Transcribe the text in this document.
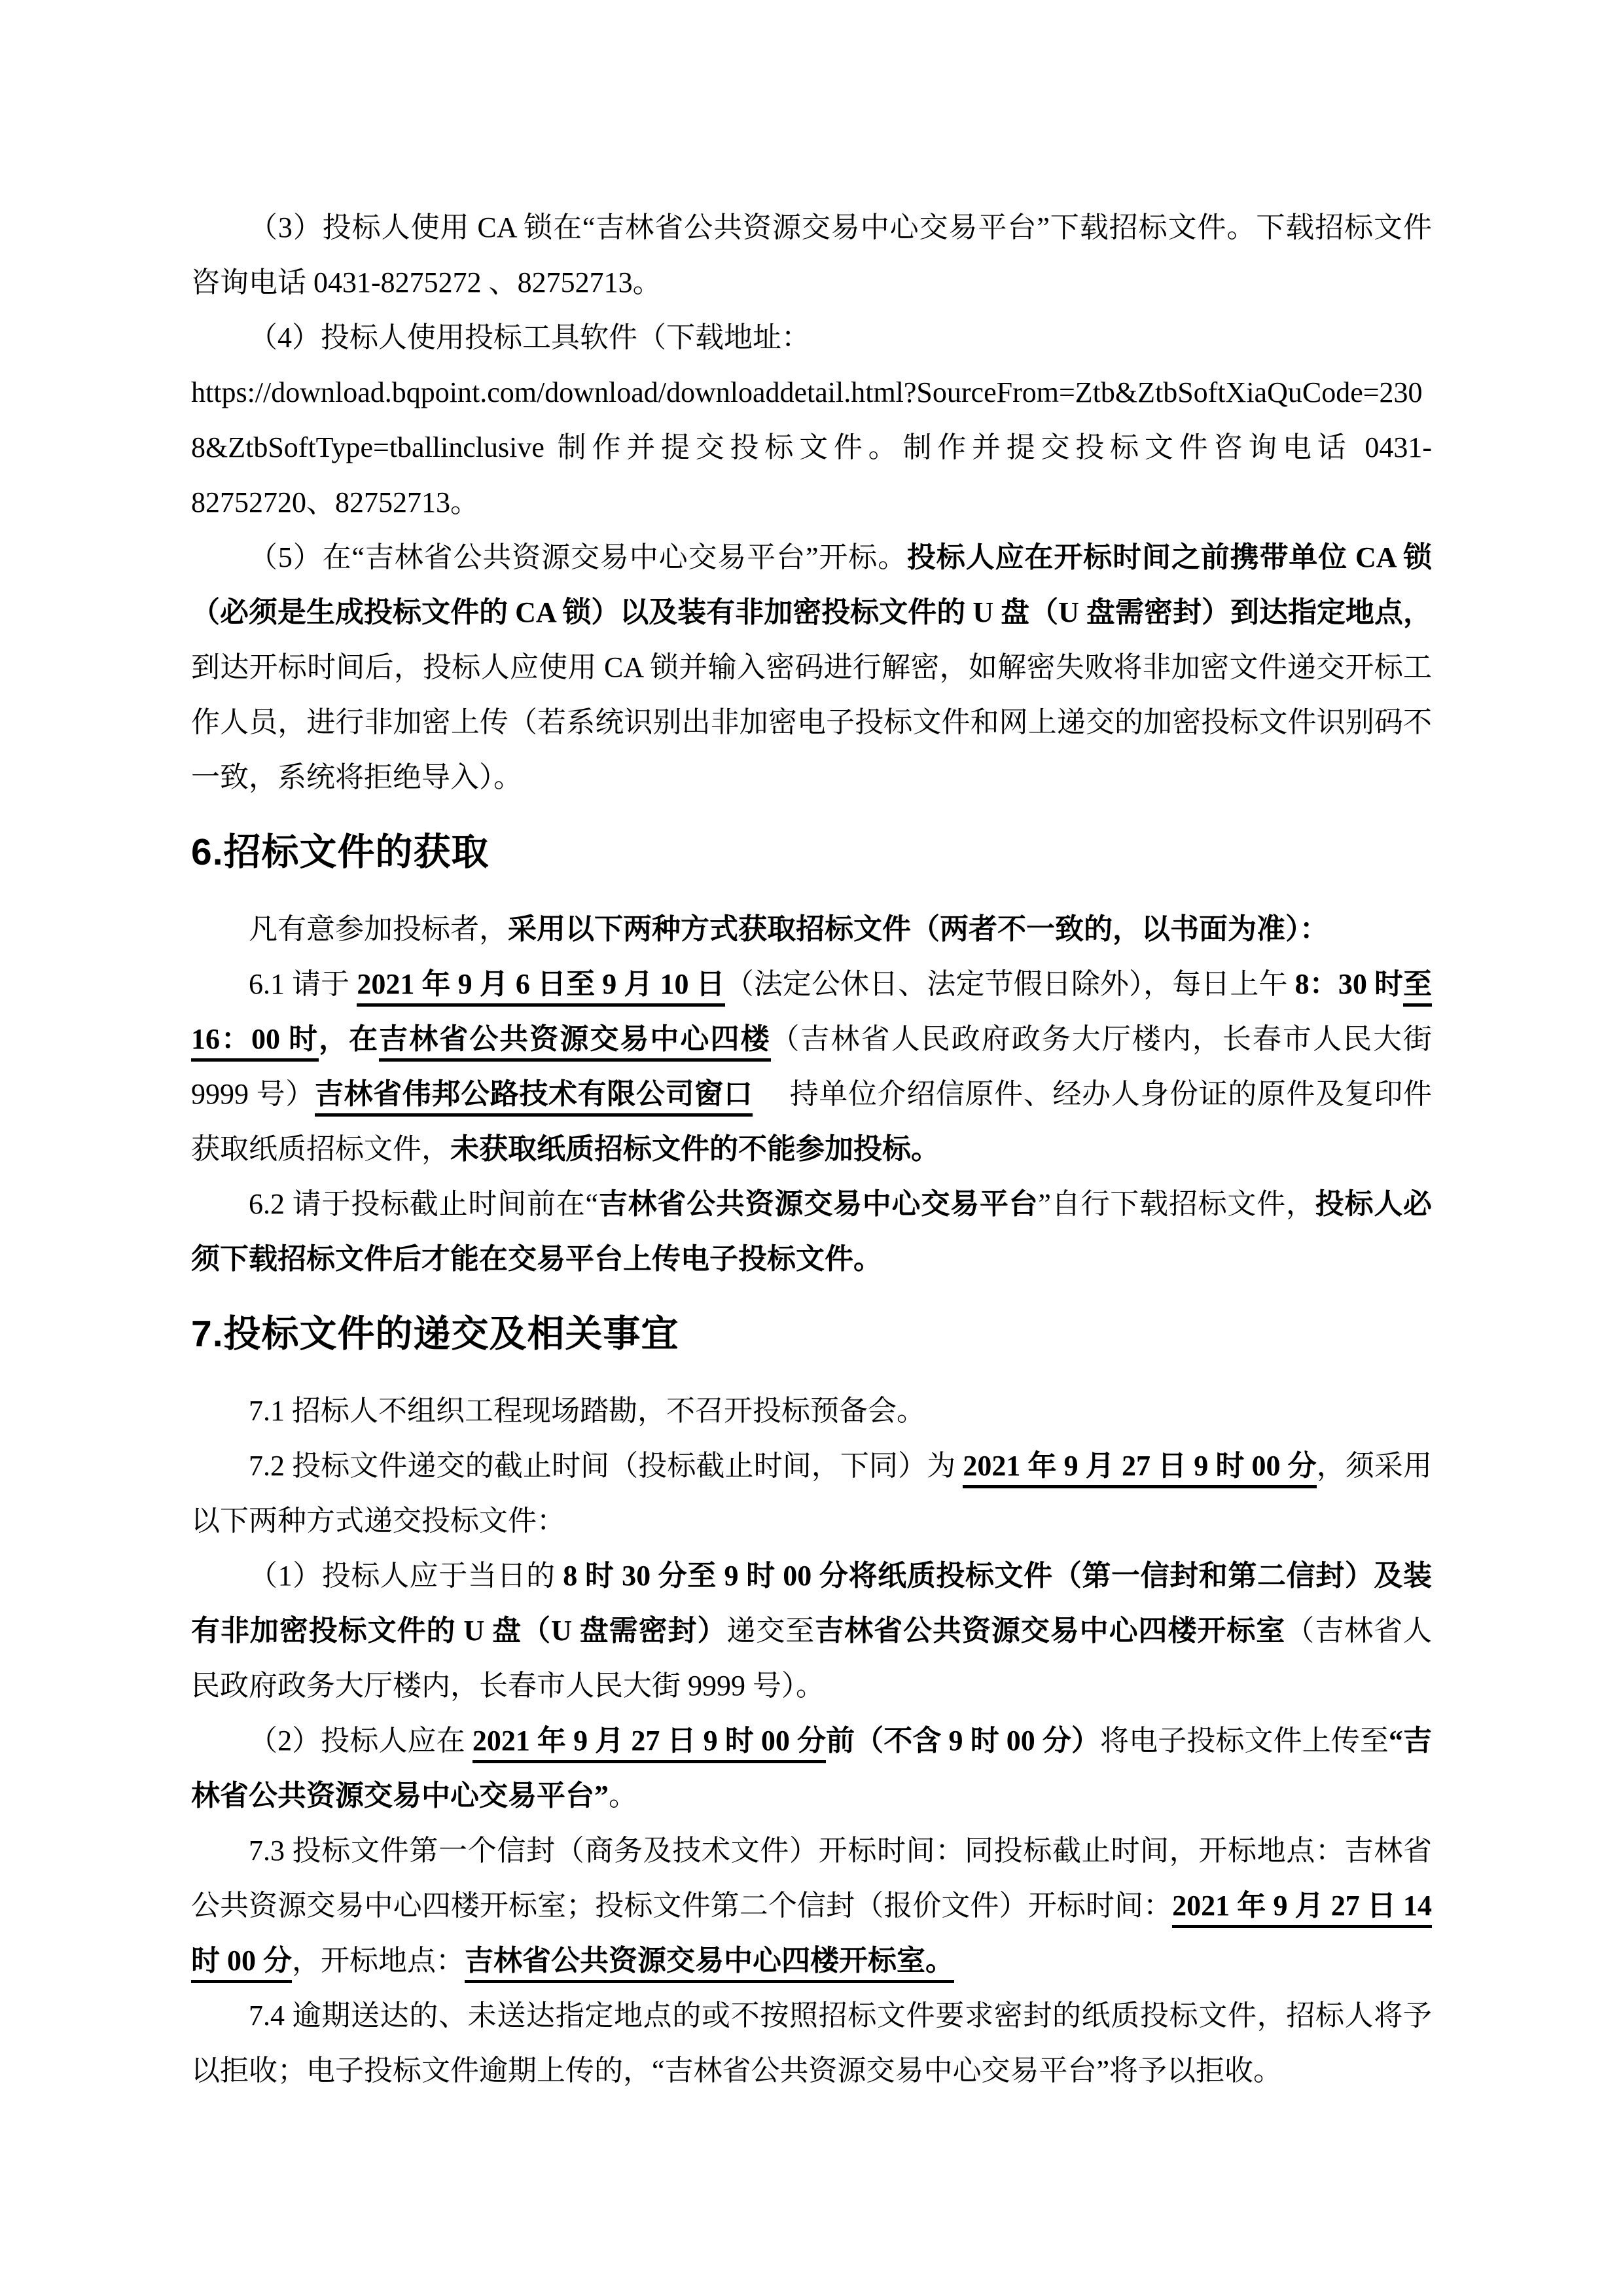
（3）投标人使用 CA 锁在“吉林省公共资源交易中心交易平台”下载招标文件。下载招标文件咨询电话 0431-8275272 、82752713。

（4）投标人使用投标工具软件（下载地址：
https://download.bqpoint.com/download/downloaddetail.html?SourceFrom=Ztb&ZtbSoftXiaQuCode=2308&ZtbSoftType=tballinclusive 制作并提交投标文件。制作并提交投标文件咨询电话 0431-82752720、82752713。

（5）在“吉林省公共资源交易中心交易平台”开标。投标人应在开标时间之前携带单位 CA 锁（必须是生成投标文件的 CA 锁）以及装有非加密投标文件的 U 盘（U 盘需密封）到达指定地点，到达开标时间后，投标人应使用 CA 锁并输入密码进行解密，如解密失败将非加密文件递交开标工作人员，进行非加密上传（若系统识别出非加密电子投标文件和网上递交的加密投标文件识别码不一致，系统将拒绝导入）。

6.招标文件的获取

凡有意参加投标者，采用以下两种方式获取招标文件（两者不一致的，以书面为准）：

6.1 请于 2021 年 9 月 6 日至 9 月 10 日（法定公休日、法定节假日除外），每日上午 8：30 时至 16：00 时，在吉林省公共资源交易中心四楼（吉林省人民政府政务大厅楼内，长春市人民大街 9999 号）吉林省伟邦公路技术有限公司窗口　 持单位介绍信原件、经办人身份证的原件及复印件获取纸质招标文件，未获取纸质招标文件的不能参加投标。

6.2 请于投标截止时间前在“吉林省公共资源交易中心交易平台”自行下载招标文件，投标人必须下载招标文件后才能在交易平台上传电子投标文件。

7.投标文件的递交及相关事宜

7.1 招标人不组织工程现场踏勘，不召开投标预备会。

7.2 投标文件递交的截止时间（投标截止时间，下同）为 2021 年 9 月 27 日 9 时 00 分，须采用以下两种方式递交投标文件：

（1）投标人应于当日的 8 时 30 分至 9 时 00 分将纸质投标文件（第一信封和第二信封）及装有非加密投标文件的 U 盘（U 盘需密封）递交至吉林省公共资源交易中心四楼开标室（吉林省人民政府政务大厅楼内，长春市人民大街 9999 号）。

（2）投标人应在 2021 年 9 月 27 日 9 时 00 分前（不含 9 时 00 分）将电子投标文件上传至“吉林省公共资源交易中心交易平台”。

7.3 投标文件第一个信封（商务及技术文件）开标时间：同投标截止时间，开标地点：吉林省公共资源交易中心四楼开标室；投标文件第二个信封（报价文件）开标时间：2021 年 9 月 27 日 14 时 00 分，开标地点：吉林省公共资源交易中心四楼开标室。

7.4 逾期送达的、未送达指定地点的或不按照招标文件要求密封的纸质投标文件，招标人将予以拒收；电子投标文件逾期上传的，“吉林省公共资源交易中心交易平台”将予以拒收。
